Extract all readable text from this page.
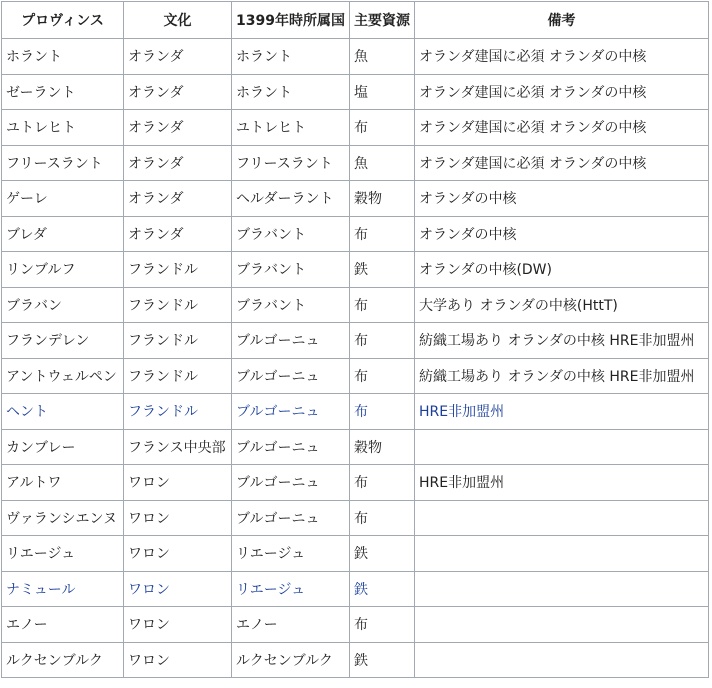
プロヴィンス	文化	1399年時所属国	主要資源	備考
ホラント	オランダ	ホラント	魚	オランダ建国に必須 オランダの中核
ゼーラント	オランダ	ホラント	塩	オランダ建国に必須 オランダの中核
ユトレヒト	オランダ	ユトレヒト	布	オランダ建国に必須 オランダの中核
フリースラント	オランダ	フリースラント	魚	オランダ建国に必須 オランダの中核
ゲーレ	オランダ	ヘルダーラント	穀物	オランダの中核
ブレダ	オランダ	ブラバント	布	オランダの中核
リンブルフ	フランドル	ブラバント	鉄	オランダの中核(DW)
ブラバン	フランドル	ブラバント	布	大学あり オランダの中核(HttT)
フランデレン	フランドル	ブルゴーニュ	布	紡織工場あり オランダの中核 HRE非加盟州
アントウェルペン	フランドル	ブルゴーニュ	布	紡織工場あり オランダの中核 HRE非加盟州
ヘント	フランドル	ブルゴーニュ	布	HRE非加盟州
カンブレー	フランス中央部	ブルゴーニュ	穀物	
アルトワ	ワロン	ブルゴーニュ	布	HRE非加盟州
ヴァランシエンヌ	ワロン	ブルゴーニュ	布	
リエージュ	ワロン	リエージュ	鉄	
ナミュール	ワロン	リエージュ	鉄	
エノー	ワロン	エノー	布	
ルクセンブルク	ワロン	ルクセンブルク	鉄	
